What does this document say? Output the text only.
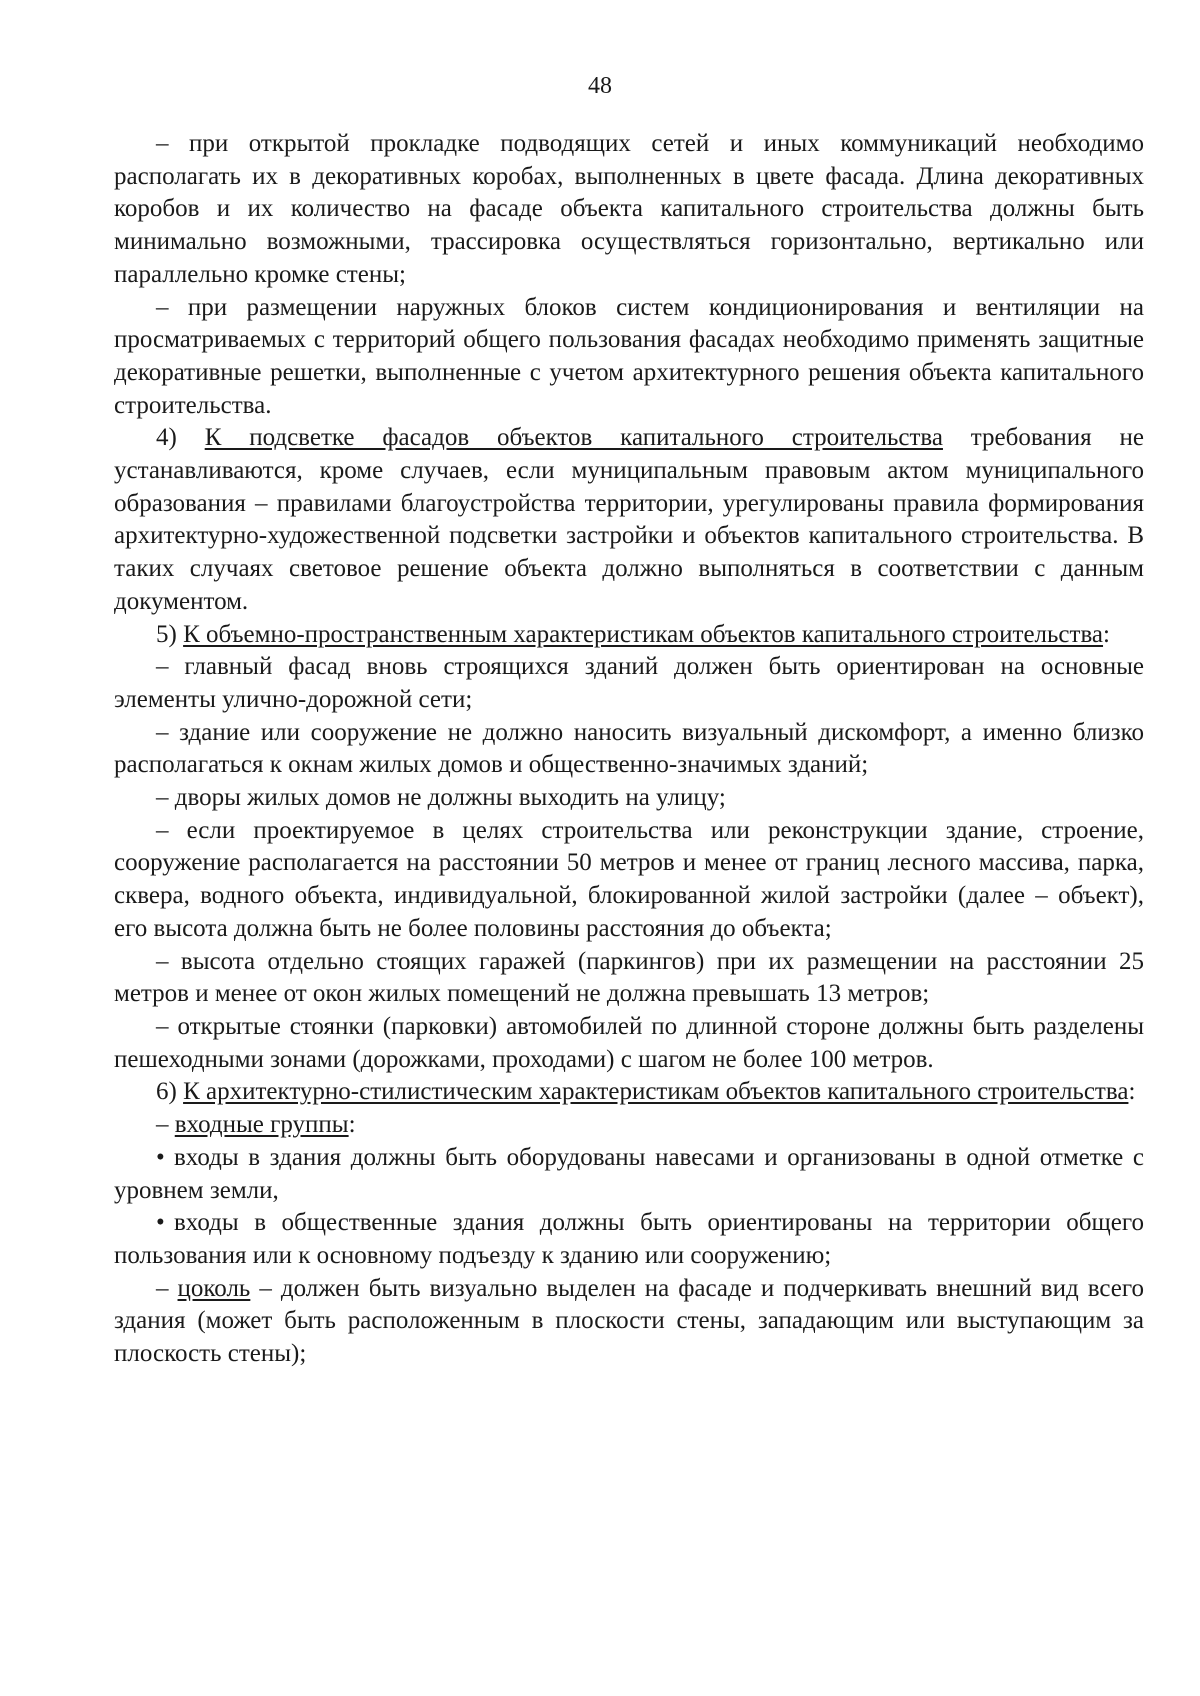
48

– при открытой прокладке подводящих сетей и иных коммуникаций необходимо располагать их в декоративных коробах, выполненных в цвете фасада. Длина декоративных коробов и их количество на фасаде объекта капитального строительства должны быть минимально возможными, трассировка осуществляться горизонтально, вертикально или параллельно кромке стены;

– при размещении наружных блоков систем кондиционирования и вентиляции на просматриваемых с территорий общего пользования фасадах необходимо применять защитные декоративные решетки, выполненные с учетом архитектурного решения объекта капитального строительства.

4) К подсветке фасадов объектов капитального строительства требования не устанавливаются, кроме случаев, если муниципальным правовым актом муниципального образования – правилами благоустройства территории, урегулированы правила формирования архитектурно-художественной подсветки застройки и объектов капитального строительства. В таких случаях световое решение объекта должно выполняться в соответствии с данным документом.

5) К объемно-пространственным характеристикам объектов капитального строительства:

– главный фасад вновь строящихся зданий должен быть ориентирован на основные элементы улично-дорожной сети;

– здание или сооружение не должно наносить визуальный дискомфорт, а именно близко располагаться к окнам жилых домов и общественно-значимых зданий;

– дворы жилых домов не должны выходить на улицу;

– если проектируемое в целях строительства или реконструкции здание, строение, сооружение располагается на расстоянии 50 метров и менее от границ лесного массива, парка, сквера, водного объекта, индивидуальной, блокированной жилой застройки (далее – объект), его высота должна быть не более половины расстояния до объекта;

– высота отдельно стоящих гаражей (паркингов) при их размещении на расстоянии 25 метров и менее от окон жилых помещений не должна превышать 13 метров;

– открытые стоянки (парковки) автомобилей по длинной стороне должны быть разделены пешеходными зонами (дорожками, проходами) с шагом не более 100 метров.

6) К архитектурно-стилистическим характеристикам объектов капитального строительства:

– входные группы:

• входы в здания должны быть оборудованы навесами и организованы в одной отметке с уровнем земли,

• входы в общественные здания должны быть ориентированы на территории общего пользования или к основному подъезду к зданию или сооружению;

– цоколь – должен быть визуально выделен на фасаде и подчеркивать внешний вид всего здания (может быть расположенным в плоскости стены, западающим или выступающим за плоскость стены);
